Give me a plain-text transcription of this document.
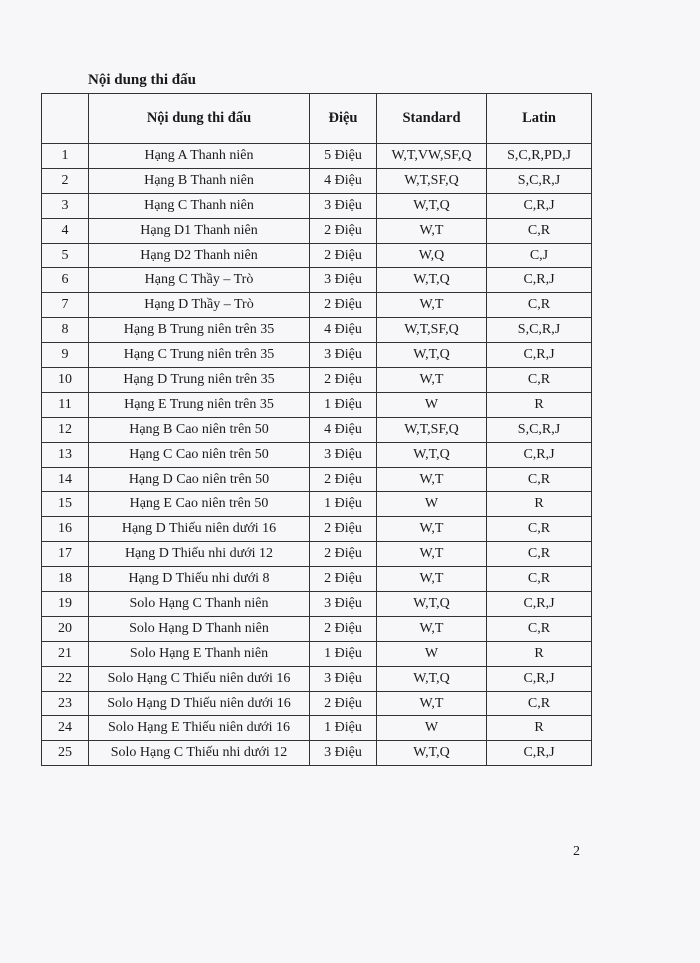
Nội dung thi đấu
	Nội dung thi đấu	Điệu	Standard	Latin
1	Hạng A Thanh niên	5 Điệu	W,T,VW,SF,Q	S,C,R,PD,J
2	Hạng B Thanh niên	4 Điệu	W,T,SF,Q	S,C,R,J
3	Hạng C Thanh niên	3 Điệu	W,T,Q	C,R,J
4	Hạng D1 Thanh niên	2 Điệu	W,T	C,R
5	Hạng D2 Thanh niên	2 Điệu	W,Q	C,J
6	Hạng C Thầy – Trò	3 Điệu	W,T,Q	C,R,J
7	Hạng D Thầy – Trò	2 Điệu	W,T	C,R
8	Hạng B Trung niên trên 35	4 Điệu	W,T,SF,Q	S,C,R,J
9	Hạng C Trung niên trên 35	3 Điệu	W,T,Q	C,R,J
10	Hạng D Trung niên trên 35	2 Điệu	W,T	C,R
11	Hạng E Trung niên trên 35	1 Điệu	W	R
12	Hạng B Cao niên trên 50	4 Điệu	W,T,SF,Q	S,C,R,J
13	Hạng C Cao niên trên 50	3 Điệu	W,T,Q	C,R,J
14	Hạng D Cao niên trên 50	2 Điệu	W,T	C,R
15	Hạng E Cao niên trên 50	1 Điệu	W	R
16	Hạng D Thiếu niên dưới 16	2 Điệu	W,T	C,R
17	Hạng D Thiếu nhi dưới 12	2 Điệu	W,T	C,R
18	Hạng D Thiếu nhi dưới 8	2 Điệu	W,T	C,R
19	Solo Hạng C Thanh niên	3 Điệu	W,T,Q	C,R,J
20	Solo Hạng D Thanh niên	2 Điệu	W,T	C,R
21	Solo Hạng E Thanh niên	1 Điệu	W	R
22	Solo Hạng C Thiếu niên dưới 16	3 Điệu	W,T,Q	C,R,J
23	Solo Hạng D Thiếu niên dưới 16	2 Điệu	W,T	C,R
24	Solo Hạng E Thiếu niên dưới 16	1 Điệu	W	R
25	Solo Hạng C Thiếu nhi dưới 12	3 Điệu	W,T,Q	C,R,J
2
